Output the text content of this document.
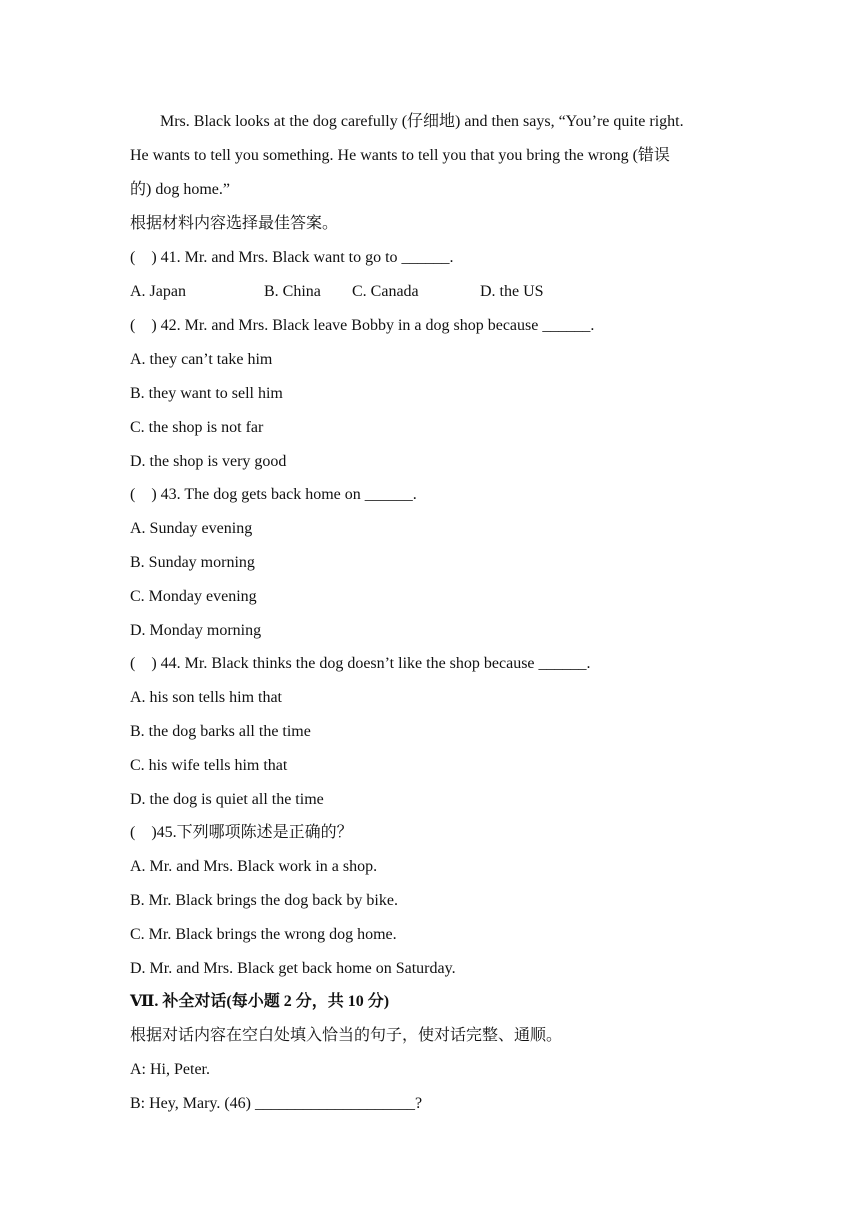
Mrs. Black looks at the dog carefully (仔细地) and then says, “You’re quite right.
He wants to tell you something. He wants to tell you that you bring the wrong (错误
的) dog home.”
根据材料内容选择最佳答案。
(    ) 41. Mr. and Mrs. Black want to go to ______.

A. Japan

	B. China

C. Canada

	D. the US

(    ) 42. Mr. and Mrs. Black leave Bobby in a dog shop because ______.
A. they can’t take him
B. they want to sell him
C. the shop is not far
D. the shop is very good
(    ) 43. The dog gets back home on ______.
A. Sunday evening
B. Sunday morning
C. Monday evening
D. Monday morning
(    ) 44. Mr. Black thinks the dog doesn’t like the shop because ______.
A. his son tells him that
B. the dog barks all the time
C. his wife tells him that
D. the dog is quiet all the time
(    )45.下列哪项陈述是正确的？
A. Mr. and Mrs. Black work in a shop.
B. Mr. Black brings the dog back by bike.
C. Mr. Black brings the wrong dog home.
D. Mr. and Mrs. Black get back home on Saturday.
Ⅶ. 补全对话(每小题 2 分，共 10 分)
根据对话内容在空白处填入恰当的句子，使对话完整、通顺。
A: Hi, Peter.
B: Hey, Mary. (46) ____________________?
